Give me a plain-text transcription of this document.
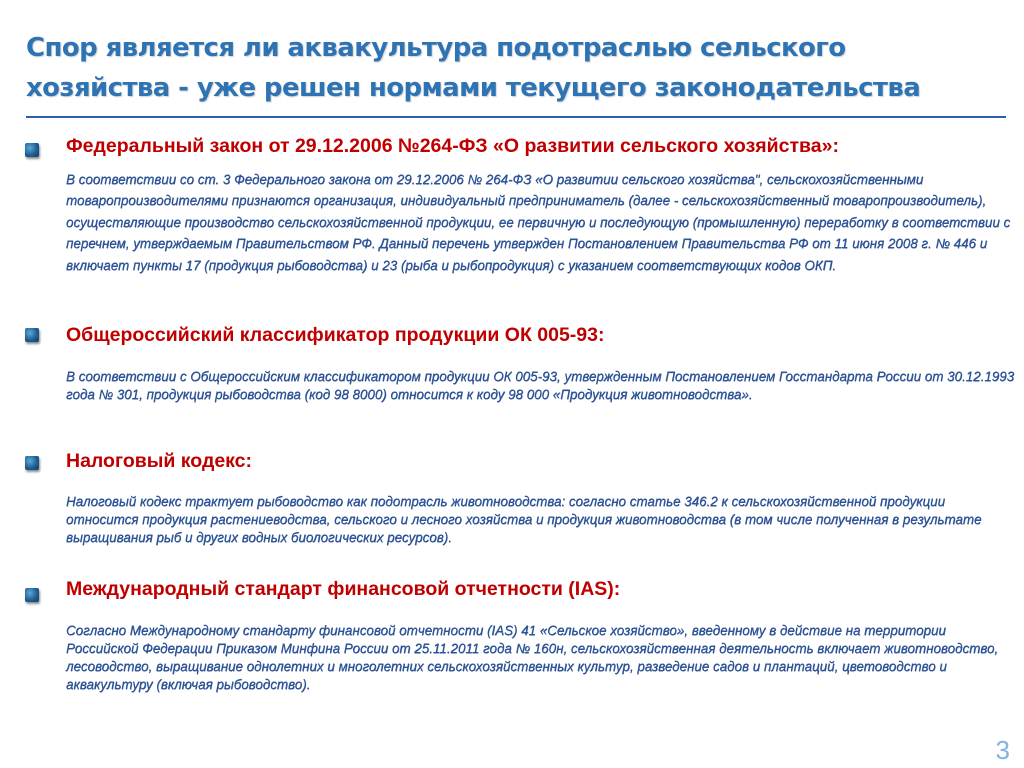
Спор является ли аквакультура подотраслью сельского хозяйства - уже решен нормами текущего законодательства
Федеральный закон от 29.12.2006 №264-ФЗ «О развитии сельского хозяйства»:

В соответствии со ст. 3 Федерального закона от 29.12.2006 № 264-ФЗ «О развитии сельского хозяйства", сельскохозяйственными товаропроизводителями признаются организация, индивидуальный предприниматель (далее - сельскохозяйственный товаропроизводитель), осуществляющие производство сельскохозяйственной продукции, ее первичную и последующую (промышленную) переработку в соответствии с перечнем, утверждаемым Правительством РФ. Данный перечень утвержден Постановлением Правительства РФ от 11 июня 2008 г. № 446 и включает пункты 17 (продукция рыбоводства) и 23 (рыба и рыбопродукция) с указанием соответствующих кодов ОКП.

Общероссийский классификатор продукции ОК 005-93:

В соответствии с Общероссийским классификатором продукции ОК 005-93, утвержденным Постановлением Госстандарта России от 30.12.1993 года № 301, продукция рыбоводства (код 98 8000) относится к коду 98 000 «Продукция животноводства».

Налоговый кодекс:

Налоговый кодекс трактует рыбоводство как подотрасль животноводства: согласно статье 346.2 к сельскохозяйственной продукции относится продукция растениеводства, сельского и лесного хозяйства и продукция животноводства (в том числе полученная в результате выращивания рыб и других водных биологических ресурсов).

Международный стандарт финансовой отчетности (IAS):

Согласно Международному стандарту финансовой отчетности (IAS) 41 «Сельское хозяйство», введенному в действие на территории Российской Федерации Приказом Минфина России от 25.11.2011 года № 160н, сельскохозяйственная деятельность включает животноводство, лесоводство, выращивание однолетних и многолетних сельскохозяйственных культур, разведение садов и плантаций, цветоводство и аквакультуру (включая рыбоводство).

3
